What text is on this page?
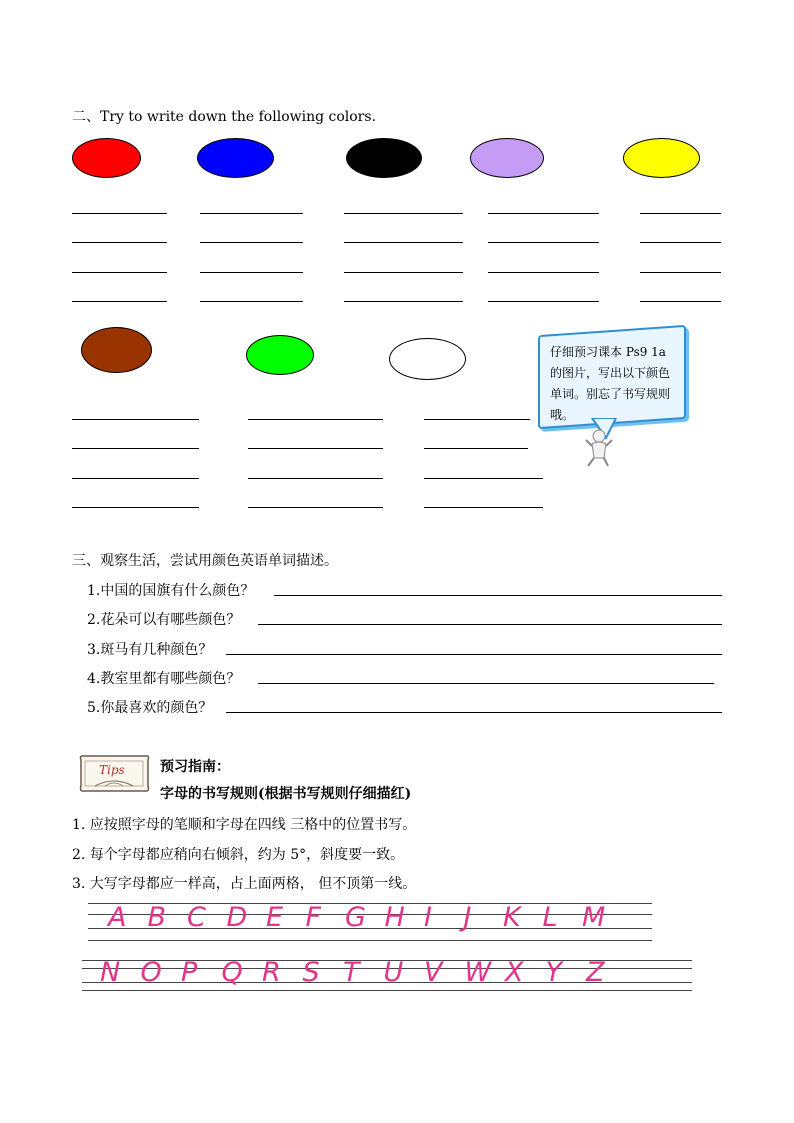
二、Try to write down the following colors.
仔细预习课本 Ps9 1a 的图片，写出以下颜色单词。别忘了书写规则哦。
三、观察生活，尝试用颜色英语单词描述。
1.中国的国旗有什么颜色？
2.花朵可以有哪些颜色？
3.斑马有几种颜色？
4.教室里都有哪些颜色？
5.你最喜欢的颜色？
Tips	预习指南：
字母的书写规则(根据书写规则仔细描红)
1. 应按照字母的笔顺和字母在四线 三格中的位置书写。
2. 每个字母都应稍向右倾斜，约为 5°，斜度要一致。
3. 大写字母都应一样高，占上面两格， 但不顶第一线。
A B C D E F G H I J K L M
N O P Q R S T U V W X Y Z
